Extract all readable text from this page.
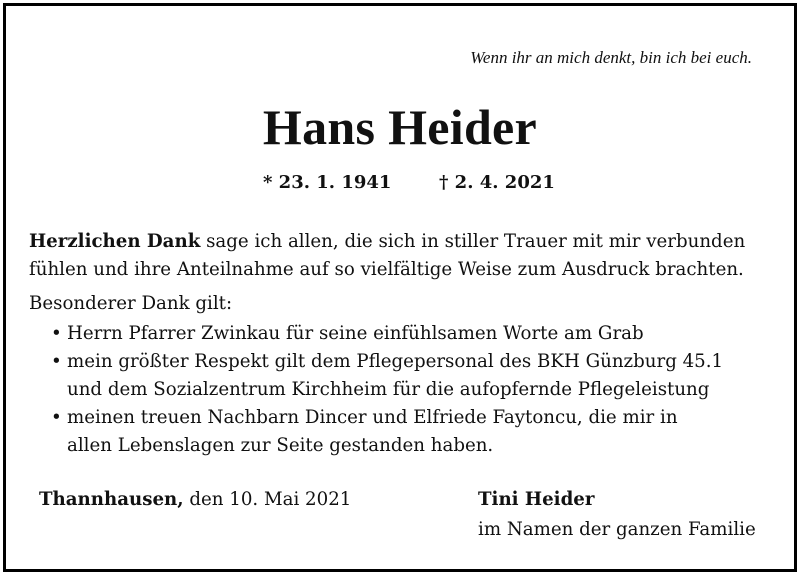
Wenn ihr an mich denkt, bin ich bei euch.
Hans Heider
* 23. 1. 1941	† 2. 4. 2021
Herzlichen Dank sage ich allen, die sich in stiller Trauer mit mir verbunden
fühlen und ihre Anteilnahme auf so vielfältige Weise zum Ausdruck brachten.
Besonderer Dank gilt:
• Herrn Pfarrer Zwinkau für seine einfühlsamen Worte am Grab
• mein größter Respekt gilt dem Pflegepersonal des BKH Günzburg 45.1
und dem Sozialzentrum Kirchheim für die aufopfernde Pflegeleistung
• meinen treuen Nachbarn Dincer und Elfriede Faytoncu, die mir in
allen Lebenslagen zur Seite gestanden haben.
Thannhausen, den 10. Mai 2021	Tini Heider
im Namen der ganzen Familie
